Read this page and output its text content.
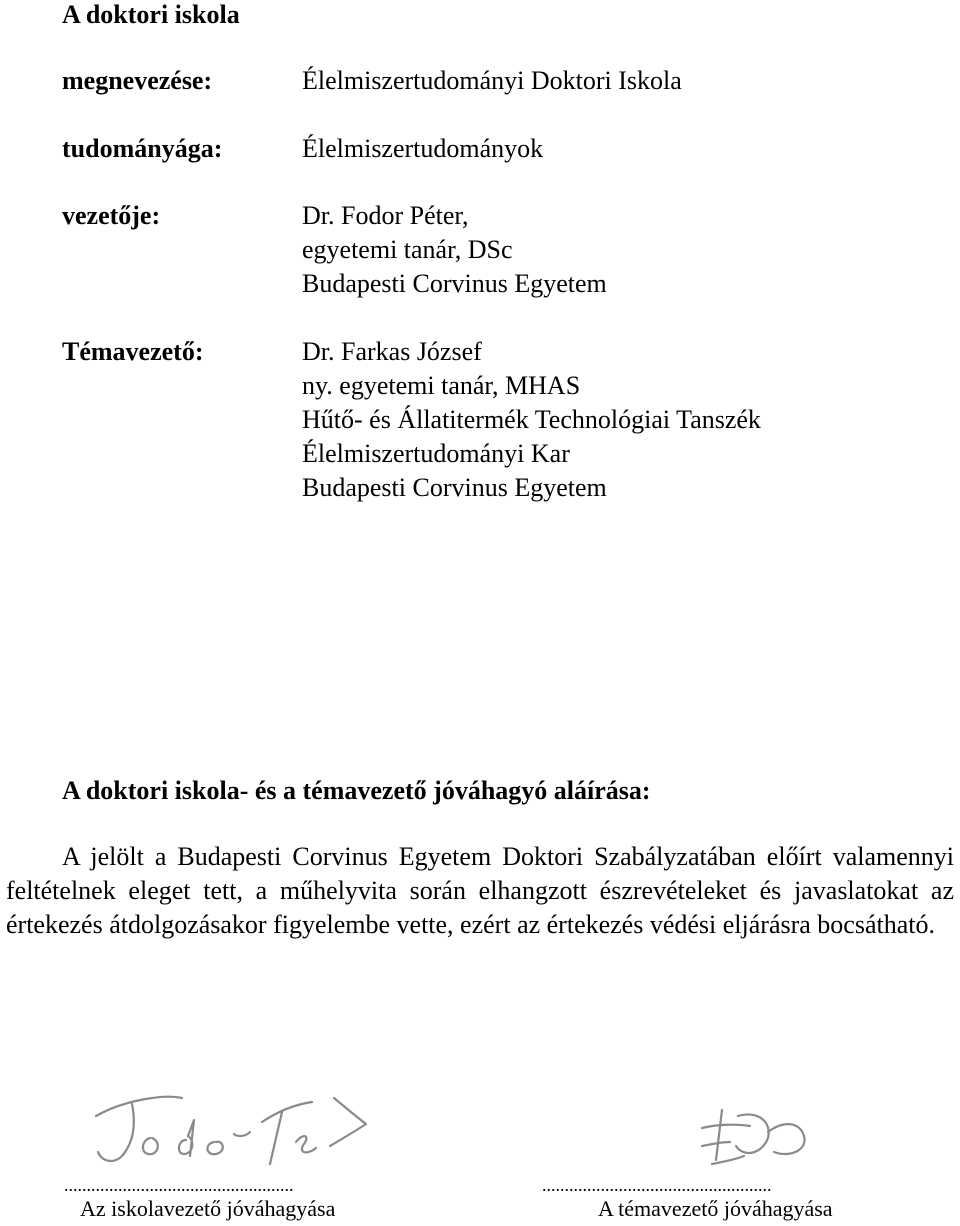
A doktori iskola
megnevezése:	Élelmiszertudományi Doktori Iskola
tudományága:	Élelmiszertudományok
vezetője:	Dr. Fodor Péter,
egyetemi tanár, DSc
Budapesti Corvinus Egyetem
Témavezető:	Dr. Farkas József
ny. egyetemi tanár, MHAS
Hűtő- és Állatitermék Technológiai Tanszék
Élelmiszertudományi Kar
Budapesti Corvinus Egyetem
A doktori iskola- és a témavezető jóváhagyó aláírása:
A jelölt a Budapesti Corvinus Egyetem Doktori Szabályzatában előírt valamennyi feltételnek eleget tett, a műhelyvita során elhangzott észrevételeket és javaslatokat az értekezés átdolgozásakor figyelembe vette, ezért az értekezés védési eljárásra bocsátható.
...................................................
Az iskolavezető jóváhagyása
...................................................
A témavezető jóváhagyása
